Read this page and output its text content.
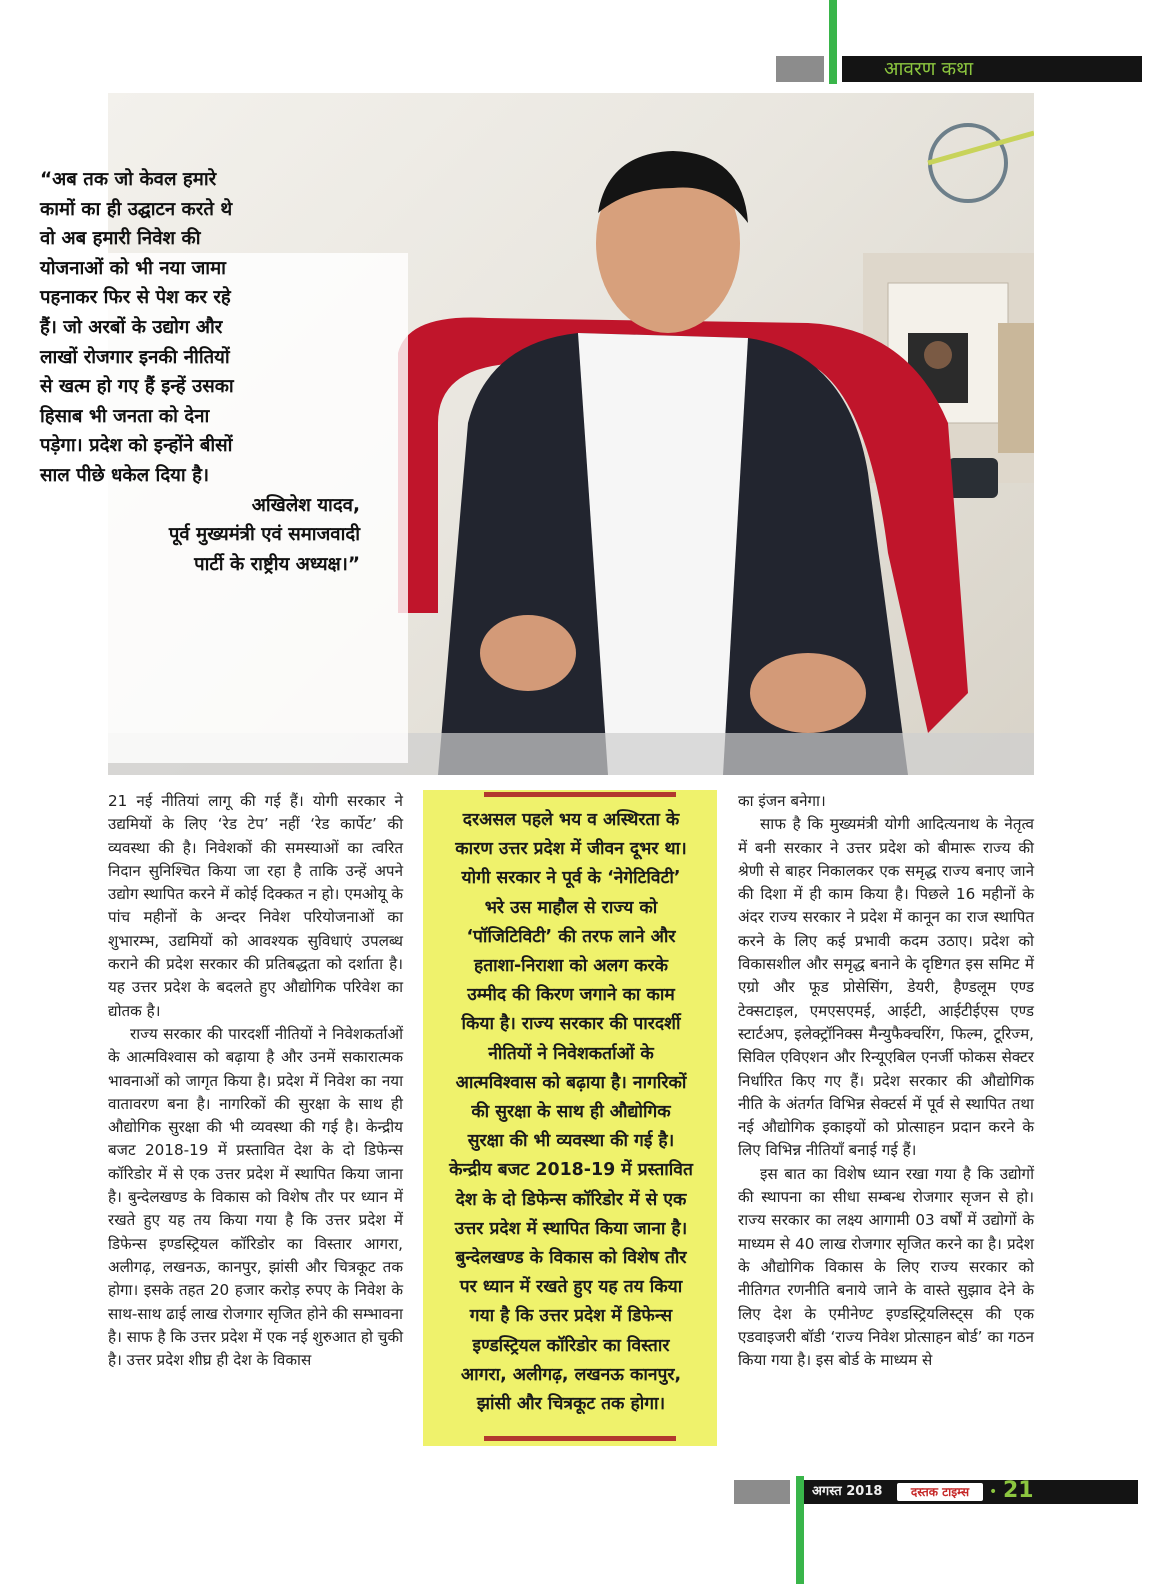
आवरण कथा
“अब तक जो केवल हमारे
कामों का ही उद्घाटन करते थे
वो अब हमारी निवेश की
योजनाओं को भी नया जामा
पहनाकर फिर से पेश कर रहे
हैं। जो अरबों के उद्योग और
लाखों रोजगार इनकी नीतियों
से खत्म हो गए हैं इन्हें उसका
हिसाब भी जनता को देना
पड़ेगा। प्रदेश को इन्होंने बीसों
साल पीछे धकेल दिया है।
अखिलेश यादव,
पूर्व मुख्यमंत्री एवं समाजवादी
पार्टी के राष्ट्रीय अध्यक्ष।”

21 नई नीतियां लागू की गई हैं। योगी सरकार ने उद्यमियों के लिए ‘रेड टेप’ नहीं ‘रेड कार्पेट’ की व्यवस्था की है। निवेशकों की समस्याओं का त्वरित निदान सुनिश्चित किया जा रहा है ताकि उन्हें अपने उद्योग स्थापित करने में कोई दिक्कत न हो। एमओयू के पांच महीनों के अन्दर निवेश परियोजनाओं का शुभारम्भ, उद्यमियों को आवश्यक सुविधाएं उपलब्ध कराने की प्रदेश सरकार की प्रतिबद्धता को दर्शाता है। यह उत्तर प्रदेश के बदलते हुए औद्योगिक परिवेश का द्योतक है।

राज्य सरकार की पारदर्शी नीतियों ने निवेशकर्ताओं के आत्मविश्वास को बढ़ाया है और उनमें सकारात्मक भावनाओं को जागृत किया है। प्रदेश में निवेश का नया वातावरण बना है। नागरिकों की सुरक्षा के साथ ही औद्योगिक सुरक्षा की भी व्यवस्था की गई है। केन्द्रीय बजट 2018-19 में प्रस्तावित देश के दो डिफेन्स कॉरिडोर में से एक उत्तर प्रदेश में स्थापित किया जाना है। बुन्देलखण्ड के विकास को विशेष तौर पर ध्यान में रखते हुए यह तय किया गया है कि उत्तर प्रदेश में डिफेन्स इण्डस्ट्रियल कॉरिडोर का विस्तार आगरा, अलीगढ़, लखनऊ, कानपुर, झांसी और चित्रकूट तक होगा। इसके तहत 20 हजार करोड़ रुपए के निवेश के साथ-साथ ढाई लाख रोजगार सृजित होने की सम्भावना है। साफ है कि उत्तर प्रदेश में एक नई शुरुआत हो चुकी है। उत्तर प्रदेश शीघ्र ही देश के विकास

दरअसल पहले भय व अस्थिरता के
कारण उत्तर प्रदेश में जीवन दूभर था।
योगी सरकार ने पूर्व के ‘नेगेटिविटी’
भरे उस माहौल से राज्य को
‘पॉजिटिविटी’ की तरफ लाने और
हताशा-निराशा को अलग करके
उम्मीद की किरण जगाने का काम
किया है। राज्य सरकार की पारदर्शी
नीतियों ने निवेशकर्ताओं के
आत्मविश्वास को बढ़ाया है। नागरिकों
की सुरक्षा के साथ ही औद्योगिक
सुरक्षा की भी व्यवस्था की गई है।
केन्द्रीय बजट 2018-19 में प्रस्तावित
देश के दो डिफेन्स कॉरिडोर में से एक
उत्तर प्रदेश में स्थापित किया जाना है।
बुन्देलखण्ड के विकास को विशेष तौर
पर ध्यान में रखते हुए यह तय किया
गया है कि उत्तर प्रदेश में डिफेन्स
इण्डस्ट्रियल कॉरिडोर का विस्तार
आगरा, अलीगढ़, लखनऊ कानपुर,
झांसी और चित्रकूट तक होगा।

का इंजन बनेगा।

साफ है कि मुख्यमंत्री योगी आदित्यनाथ के नेतृत्व में बनी सरकार ने उत्तर प्रदेश को बीमारू राज्य की श्रेणी से बाहर निकालकर एक समृद्ध राज्य बनाए जाने की दिशा में ही काम किया है। पिछले 16 महीनों के अंदर राज्य सरकार ने प्रदेश में कानून का राज स्थापित करने के लिए कई प्रभावी कदम उठाए। प्रदेश को विकासशील और समृद्ध बनाने के दृष्टिगत इस समिट में एग्रो और फूड प्रोसेसिंग, डेयरी, हैण्डलूम एण्ड टेक्सटाइल, एमएसएमई, आईटी, आईटीईएस एण्ड स्टार्टअप, इलेक्ट्रॉनिक्स मैन्युफैक्चरिंग, फिल्म, टूरिज्म, सिविल एविएशन और रिन्यूएबिल एनर्जी फोकस सेक्टर निर्धारित किए गए हैं। प्रदेश सरकार की औद्योगिक नीति के अंतर्गत विभिन्न सेक्टर्स में पूर्व से स्थापित तथा नई औद्योगिक इकाइयों को प्रोत्साहन प्रदान करने के लिए विभिन्न नीतियाँ बनाई गई हैं।

इस बात का विशेष ध्यान रखा गया है कि उद्योगों की स्थापना का सीधा सम्बन्ध रोजगार सृजन से हो। राज्य सरकार का लक्ष्य आगामी 03 वर्षों में उद्योगों के माध्यम से 40 लाख रोजगार सृजित करने का है। प्रदेश के औद्योगिक विकास के लिए राज्य सरकार को नीतिगत रणनीति बनाये जाने के वास्ते सुझाव देने के लिए देश के एमीनेण्ट इण्डस्ट्रियलिस्ट्स की एक एडवाइजरी बॉडी ‘राज्य निवेश प्रोत्साहन बोर्ड’ का गठन किया गया है। इस बोर्ड के माध्यम से

अगस्त 2018	दस्तक टाइम्स	• 21
